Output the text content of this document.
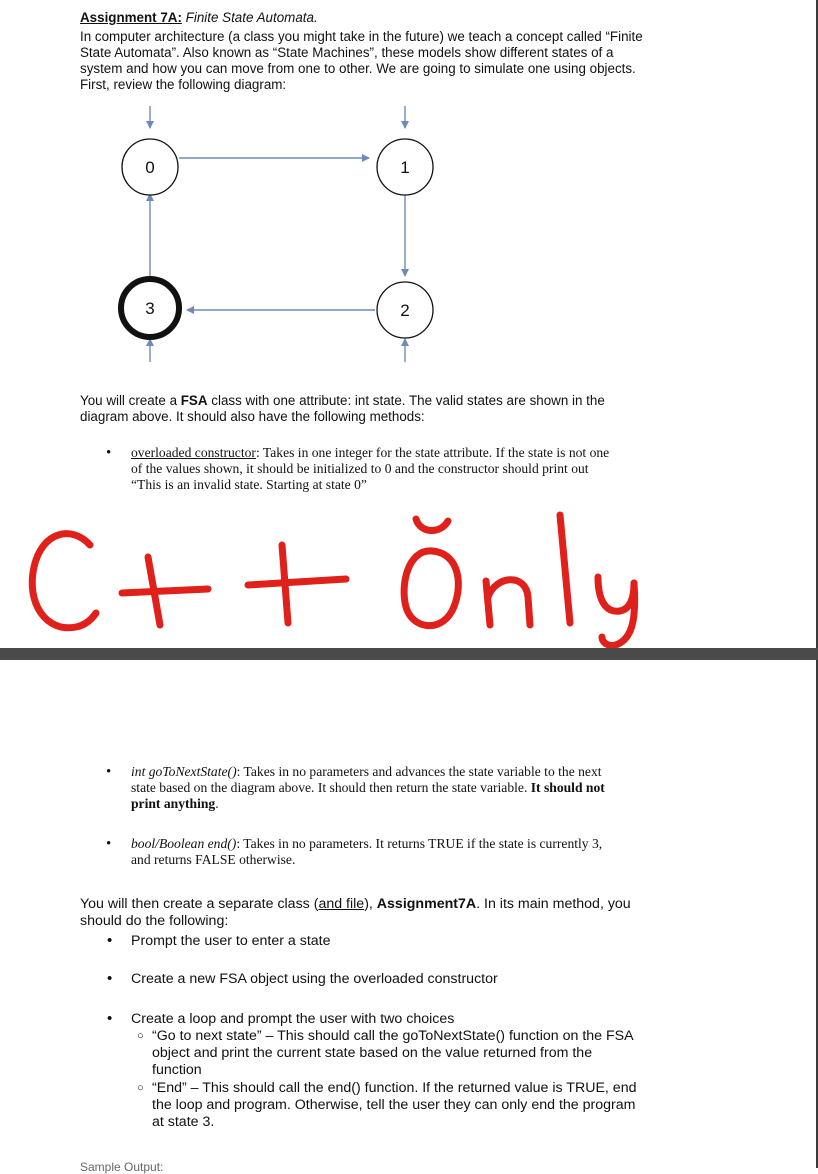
Assignment 7A: Finite State Automata.
In computer architecture (a class you might take in the future) we teach a concept called “Finite
State Automata”. Also known as “State Machines”, these models show different states of a
system and how you can move from one to other. We are going to simulate one using objects.
First, review the following diagram:
0	1
2
3
You will create a FSA class with one attribute: int state. The valid states are shown in the
diagram above. It should also have the following methods:
• overloaded constructor: Takes in one integer for the state attribute. If the state is not one
of the values shown, it should be initialized to 0 and the constructor should print out
“This is an invalid state. Starting at state 0”
• int goToNextState(): Takes in no parameters and advances the state variable to the next
state based on the diagram above. It should then return the state variable. It should not
print anything.
• bool/Boolean end(): Takes in no parameters. It returns TRUE if the state is currently 3,
and returns FALSE otherwise.
You will then create a separate class (and file), Assignment7A. In its main method, you
should do the following:
• Prompt the user to enter a state
• Create a new FSA object using the overloaded constructor
• Create a loop and prompt the user with two choices
○ “Go to next state” – This should call the goToNextState() function on the FSA
object and print the current state based on the value returned from the
function
○ “End” – This should call the end() function. If the returned value is TRUE, end
the loop and program. Otherwise, tell the user they can only end the program
at state 3.
Sample Output:
